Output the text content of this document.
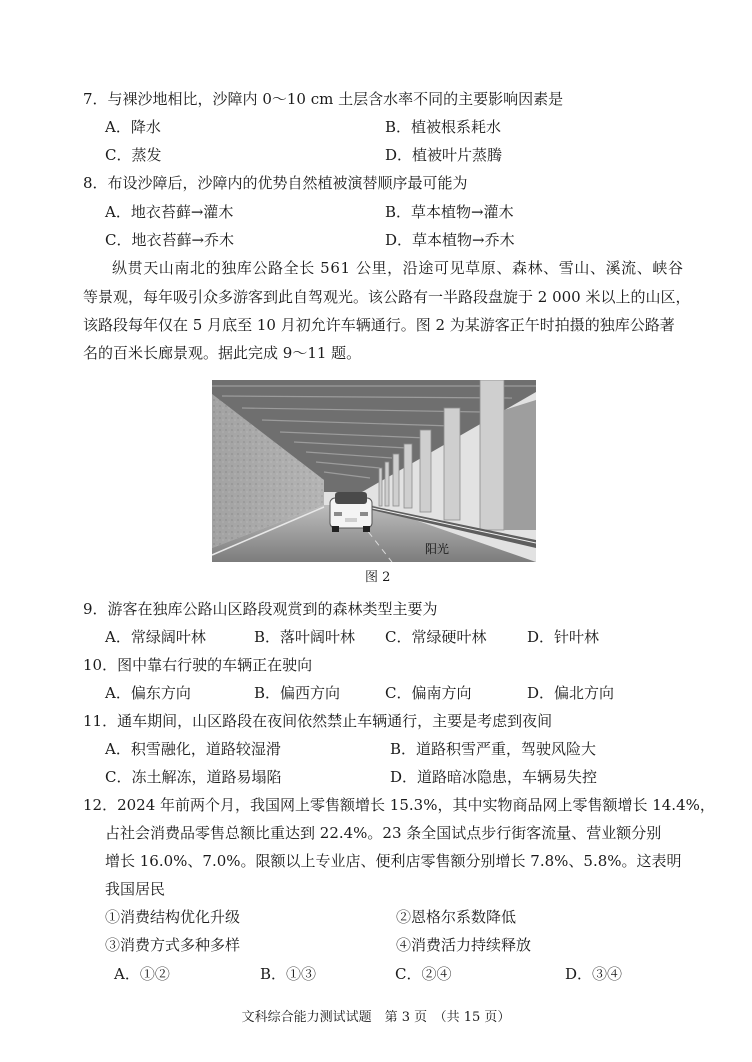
7．与裸沙地相比，沙障内 0～10 cm 土层含水率不同的主要影响因素是
A．降水	B．植被根系耗水
C．蒸发	D．植被叶片蒸腾
8．布设沙障后，沙障内的优势自然植被演替顺序最可能为
A．地衣苔藓→灌木	B．草本植物→灌木
C．地衣苔藓→乔木	D．草本植物→乔木
纵贯天山南北的独库公路全长 561 公里，沿途可见草原、森林、雪山、溪流、峡谷
等景观，每年吸引众多游客到此自驾观光。该公路有一半路段盘旋于 2 000 米以上的山区，
该路段每年仅在 5 月底至 10 月初允许车辆通行。图 2 为某游客正午时拍摄的独库公路著
名的百米长廊景观。据此完成 9～11 题。
阳光
图 2
9．游客在独库公路山区路段观赏到的森林类型主要为
A．常绿阔叶林	B．落叶阔叶林 C．常绿硬叶林	D．针叶林
10．图中靠右行驶的车辆正在驶向
A．偏东方向	B．偏西方向	C．偏南方向	D．偏北方向
11．通车期间，山区路段在夜间依然禁止车辆通行，主要是考虑到夜间
A．积雪融化，道路较湿滑	B．道路积雪严重，驾驶风险大
C．冻土解冻，道路易塌陷	D．道路暗冰隐患，车辆易失控
12．2024 年前两个月，我国网上零售额增长 15.3%，其中实物商品网上零售额增长 14.4%，
占社会消费品零售总额比重达到 22.4%。23 条全国试点步行街客流量、营业额分别
增长 16.0%、7.0%。限额以上专业店、便利店零售额分别增长 7.8%、5.8%。这表明
我国居民
①消费结构优化升级	②恩格尔系数降低
③消费方式多种多样	④消费活力持续释放
A．①②	B．①③	C．②④	D．③④
文科综合能力测试试题　第 3 页　（共 15 页）
